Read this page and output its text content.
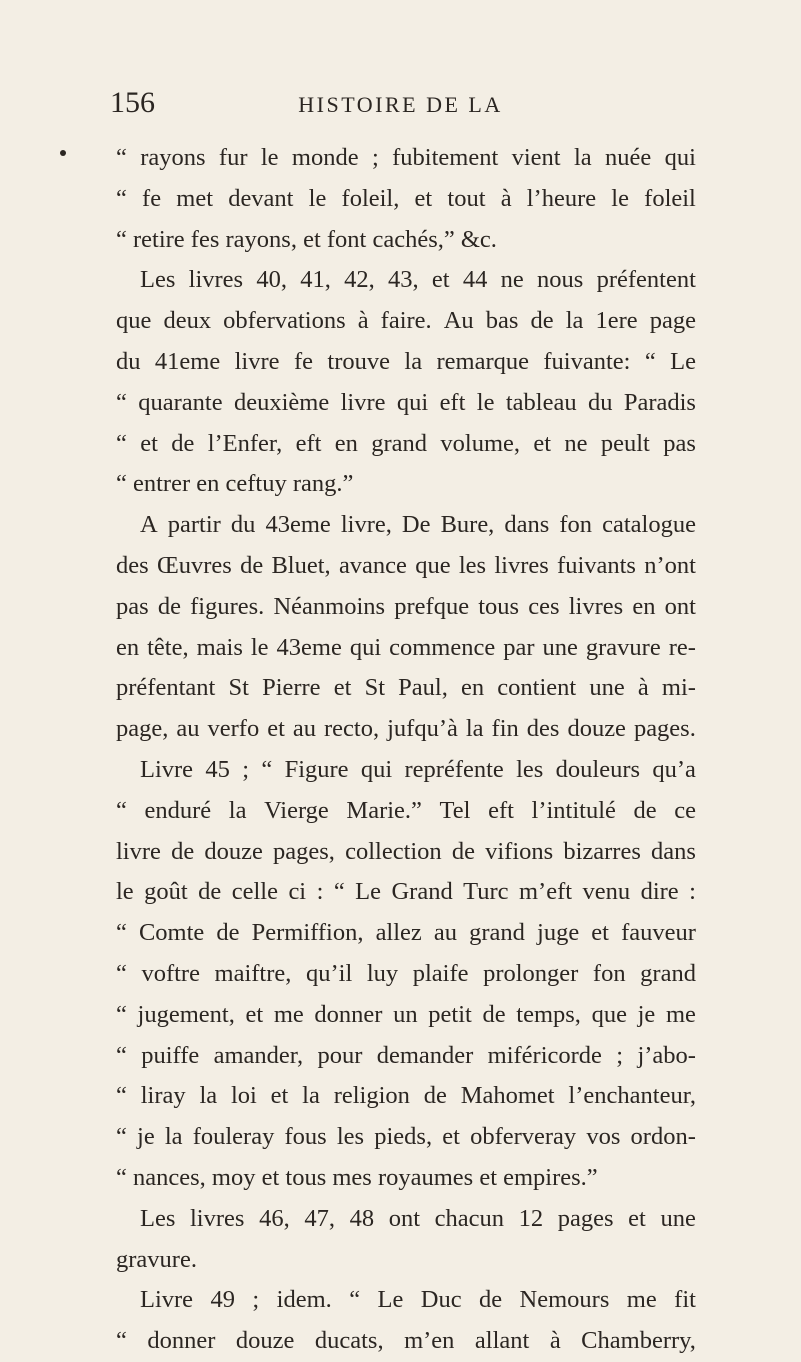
156	HISTOIRE DE LA
“ rayons fur le monde ; fubitement vient la nuée qui
“ fe met devant le foleil, et tout à l’heure le foleil
“ retire fes rayons, et font cachés,” &c.
Les livres 40, 41, 42, 43, et 44 ne nous préfentent
que deux obfervations à faire. Au bas de la 1ere page
du 41eme livre fe trouve la remarque fuivante: “ Le
“ quarante deuxième livre qui eft le tableau du Paradis
“ et de l’Enfer, eft en grand volume, et ne peult pas
“ entrer en ceftuy rang.”
A partir du 43eme livre, De Bure, dans fon catalogue
des Œuvres de Bluet, avance que les livres fuivants n’ont
pas de figures. Néanmoins prefque tous ces livres en ont
en tête, mais le 43eme qui commence par une gravure re-
préfentant St Pierre et St Paul, en contient une à mi-
page, au verfo et au recto, jufqu’à la fin des douze pages.
Livre 45 ; “ Figure qui repréfente les douleurs qu’a
“ enduré la Vierge Marie.” Tel eft l’intitulé de ce
livre de douze pages, collection de vifions bizarres dans
le goût de celle ci : “ Le Grand Turc m’eft venu dire :
“ Comte de Permiffion, allez au grand juge et fauveur
“ voftre maiftre, qu’il luy plaife prolonger fon grand
“ jugement, et me donner un petit de temps, que je me
“ puiffe amander, pour demander miféricorde ; j’abo-
“ liray la loi et la religion de Mahomet l’enchanteur,
“ je la fouleray fous les pieds, et obferveray vos ordon-
“ nances, moy et tous mes royaumes et empires.”
Les livres 46, 47, 48 ont chacun 12 pages et une
gravure.
Livre 49 ; idem. “ Le Duc de Nemours me fit
“ donner douze ducats, m’en allant à Chamberry,
